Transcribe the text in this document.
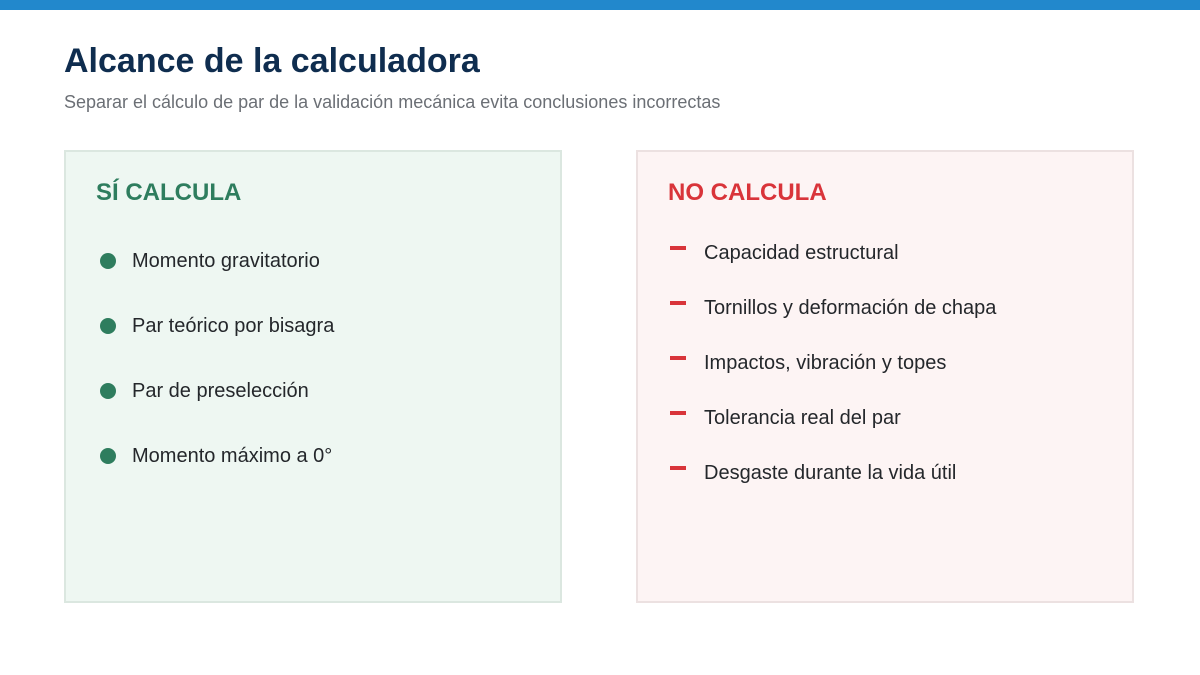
Alcance de la calculadora

Separar el cálculo de par de la validación mecánica evita conclusiones incorrectas

SÍ CALCULA
Momento gravitatorio
Par teórico por bisagra
Par de preselección
Momento máximo a 0°
NO CALCULA
Capacidad estructural
Tornillos y deformación de chapa
Impactos, vibración y topes
Tolerancia real del par
Desgaste durante la vida útil
